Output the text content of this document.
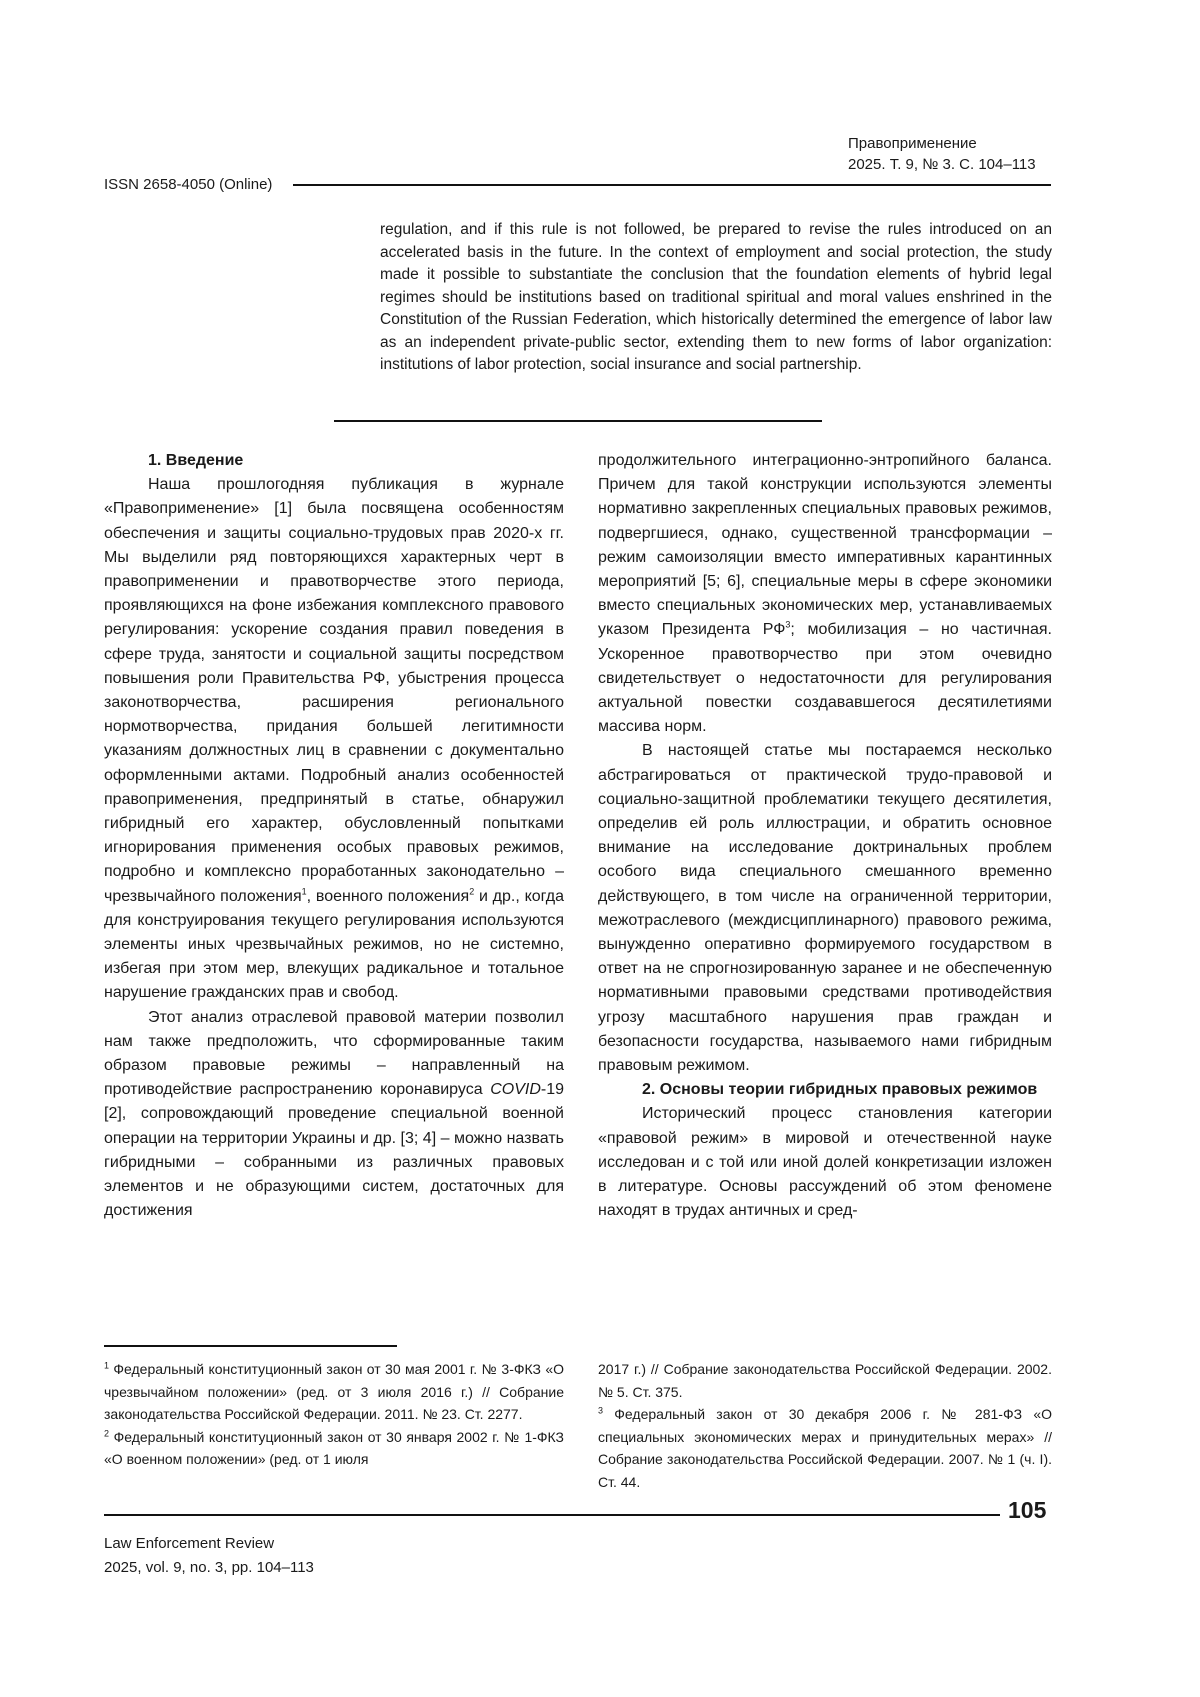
Правоприменение
2025. Т. 9, № 3. С. 104–113
ISSN 2658-4050 (Online)
regulation, and if this rule is not followed, be prepared to revise the rules introduced on an accelerated basis in the future. In the context of employment and social protection, the study made it possible to substantiate the conclusion that the foundation elements of hybrid legal regimes should be institutions based on traditional spiritual and moral values enshrined in the Constitution of the Russian Federation, which historically determined the emergence of labor law as an independent private-public sector, extending them to new forms of labor organization: institutions of labor protection, social insurance and social partnership.
1. Введение

Наша прошлогодняя публикация в журнале «Правоприменение» [1] была посвящена особенностям обеспечения и защиты социально-трудовых прав 2020-х гг. Мы выделили ряд повторяющихся характерных черт в правоприменении и правотворчестве этого периода, проявляющихся на фоне избежания комплексного правового регулирования: ускорение создания правил поведения в сфере труда, занятости и социальной защиты посредством повышения роли Правительства РФ, убыстрения процесса законотворчества, расширения регионального нормотворчества, придания большей легитимности указаниям должностных лиц в сравнении с документально оформленными актами. Подробный анализ особенностей правоприменения, предпринятый в статье, обнаружил гибридный его характер, обусловленный попытками игнорирования применения особых правовых режимов, подробно и комплексно проработанных законодательно – чрезвычайного положения$^1$, военного положения$^2$ и др., когда для конструирования текущего регулирования используются элементы иных чрезвычайных режимов, но не системно, избегая при этом мер, влекущих радикальное и тотальное нарушение гражданских прав и свобод.

Этот анализ отраслевой правовой материи позволил нам также предположить, что сформированные таким образом правовые режимы – направленный на противодействие распространению коронавируса COVID-19 [2], сопровождающий проведение специальной военной операции на территории Украины и др. [3; 4] – можно назвать гибридными – собранными из различных правовых элементов и не образующими систем, достаточных для достижения

продолжительного интеграционно-энтропийного баланса. Причем для такой конструкции используются элементы нормативно закрепленных специальных правовых режимов, подвергшиеся, однако, существенной трансформации – режим самоизоляции вместо императивных карантинных мероприятий [5; 6], специальные меры в сфере экономики вместо специальных экономических мер, устанавливаемых указом Президента $РФ^3$; мобилизация – но частичная. Ускоренное правотворчество при этом очевидно свидетельствует о недостаточности для регулирования актуальной повестки создававшегося десятилетиями массива норм.

В настоящей статье мы постараемся несколько абстрагироваться от практической трудо-правовой и социально-защитной проблематики текущего десятилетия, определив ей роль иллюстрации, и обратить основное внимание на исследование доктринальных проблем особого вида специального смешанного временно действующего, в том числе на ограниченной территории, межотраслевого (междисциплинарного) правового режима, вынужденно оперативно формируемого государством в ответ на не спрогнозированную заранее и не обеспеченную нормативными правовыми средствами противодействия угрозу масштабного нарушения прав граждан и безопасности государства, называемого нами гибридным правовым режимом.

2. Основы теории гибридных правовых режимов

Исторический процесс становления категории «правовой режим» в мировой и отечественной науке исследован и с той или иной долей конкретизации изложен в литературе. Основы рассуждений об этом феномене находят в трудах античных и сред-

$^1$ Федеральный конституционный закон от 30 мая 2001 г. № 3-ФКЗ «О чрезвычайном положении» (ред. от 3 июля 2016 г.) // Собрание законодательства Российской Федерации. 2011. № 23. Ст. 2277.

$^2$ Федеральный конституционный закон от 30 января 2002 г. № 1-ФКЗ «О военном положении» (ред. от 1 июля

2017 г.) // Собрание законодательства Российской Федерации. 2002. № 5. Ст. 375.

$^3$ Федеральный закон от 30 декабря 2006 г. № 281-ФЗ «О специальных экономических мерах и принудительных мерах» // Собрание законодательства Российской Федерации. 2007. № 1 (ч. I). Ст. 44.

105
Law Enforcement Review
2025, vol. 9, no. 3, pp. 104–113
